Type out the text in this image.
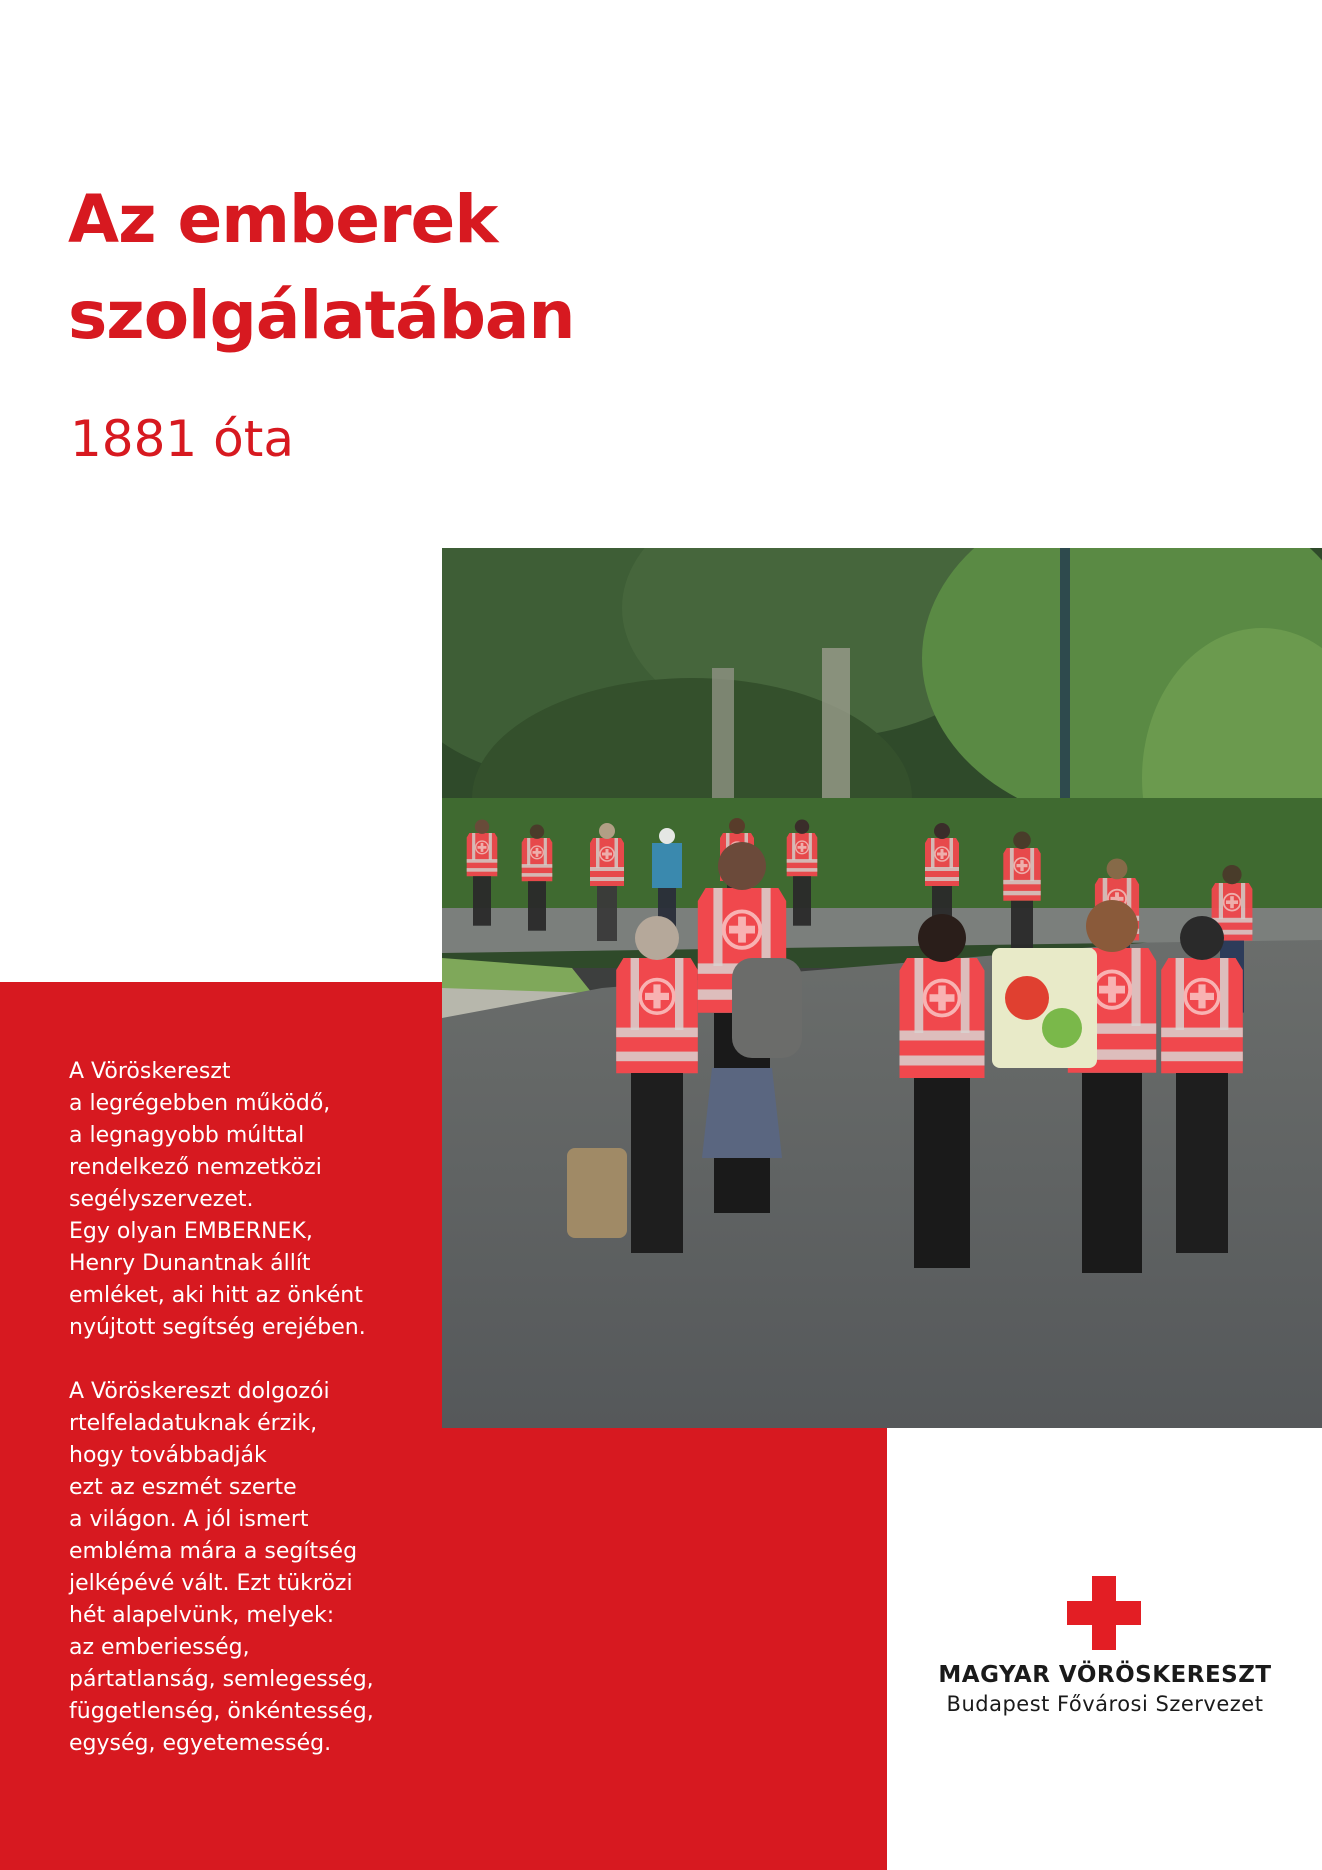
Az emberek
szolgálatában

1881 óta

A Vöröskereszt
a legrégebben működő,
a legnagyobb múlttal
rendelkező nemzetközi
segélyszervezet.
Egy olyan EMBERNEK,
Henry Dunantnak állít
emléket, aki hitt az önként
nyújtott segítség erejében.

A Vöröskereszt dolgozói
rtelfeladatuknak érzik,
hogy továbbadják
ezt az eszmét szerte
a világon. A jól ismert
embléma mára a segítség
jelképévé vált. Ezt tükrözi
hét alapelvünk, melyek:
az emberiesség,
pártatlanság, semlegesség,
függetlenség, önkéntesség,
egység, egyetemesség.

MAGYAR VÖRÖSKERESZT
Budapest Fővárosi Szervezet
